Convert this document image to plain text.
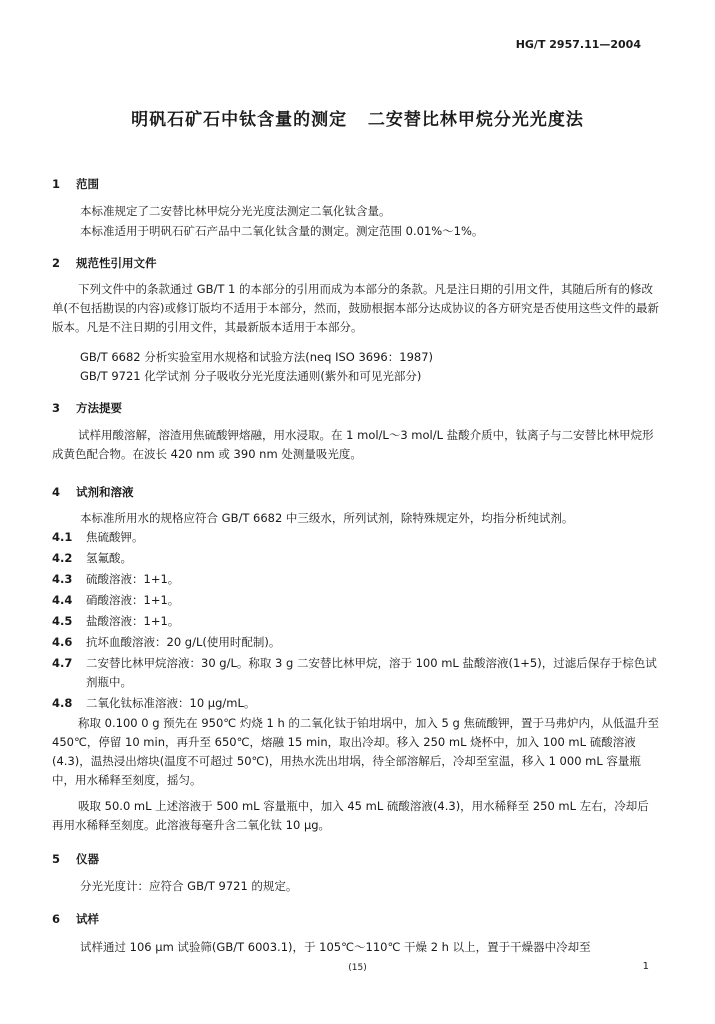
HG/T 2957.11—2004
明矾石矿石中钛含量的测定   二安替比林甲烷分光光度法
1 范围
本标准规定了二安替比林甲烷分光光度法测定二氧化钛含量。
本标准适用于明矾石矿石产品中二氧化钛含量的测定。测定范围 0.01%～1%。
2 规范性引用文件
下列文件中的条款通过 GB/T 1 的本部分的引用而成为本部分的条款。凡是注日期的引用文件，其随后所有的修改单(不包括勘误的内容)或修订版均不适用于本部分，然而，鼓励根据本部分达成协议的各方研究是否使用这些文件的最新版本。凡是不注日期的引用文件，其最新版本适用于本部分。
GB/T 6682 分析实验室用水规格和试验方法(neq ISO 3696：1987)
GB/T 9721 化学试剂 分子吸收分光光度法通则(紫外和可见光部分)
3 方法提要
试样用酸溶解，溶渣用焦硫酸钾熔融，用水浸取。在 1 mol/L～3 mol/L 盐酸介质中，钛离子与二安替比林甲烷形成黄色配合物。在波长 420 nm 或 390 nm 处测量吸光度。
4 试剂和溶液
本标准所用水的规格应符合 GB/T 6682 中三级水，所列试剂，除特殊规定外，均指分析纯试剂。
4.1 焦硫酸钾。
4.2 氢氟酸。
4.3 硫酸溶液：1+1。
4.4 硝酸溶液：1+1。
4.5 盐酸溶液：1+1。
4.6 抗坏血酸溶液：20 g/L(使用时配制)。
4.7 二安替比林甲烷溶液：30 g/L。称取 3 g 二安替比林甲烷，溶于 100 mL 盐酸溶液(1+5)，过滤后保存于棕色试剂瓶中。
4.8 二氧化钛标准溶液：10 μg/mL。
称取 0.100 0 g 预先在 950℃ 灼烧 1 h 的二氧化钛于铂坩埚中，加入 5 g 焦硫酸钾，置于马弗炉内，从低温升至 450℃，停留 10 min，再升至 650℃，熔融 15 min，取出冷却。移入 250 mL 烧杯中，加入 100 mL 硫酸溶液(4.3)，温热浸出熔块(温度不可超过 50℃)，用热水洗出坩埚，待全部溶解后，冷却至室温，移入 1 000 mL 容量瓶中，用水稀释至刻度，摇匀。
吸取 50.0 mL 上述溶液于 500 mL 容量瓶中，加入 45 mL 硫酸溶液(4.3)，用水稀释至 250 mL 左右，冷却后再用水稀释至刻度。此溶液每毫升含二氧化钛 10 μg。
5 仪器
分光光度计：应符合 GB/T 9721 的规定。
6 试样
试样通过 106 μm 试验筛(GB/T 6003.1)，于 105℃～110℃ 干燥 2 h 以上，置于干燥器中冷却至
(15)	1
